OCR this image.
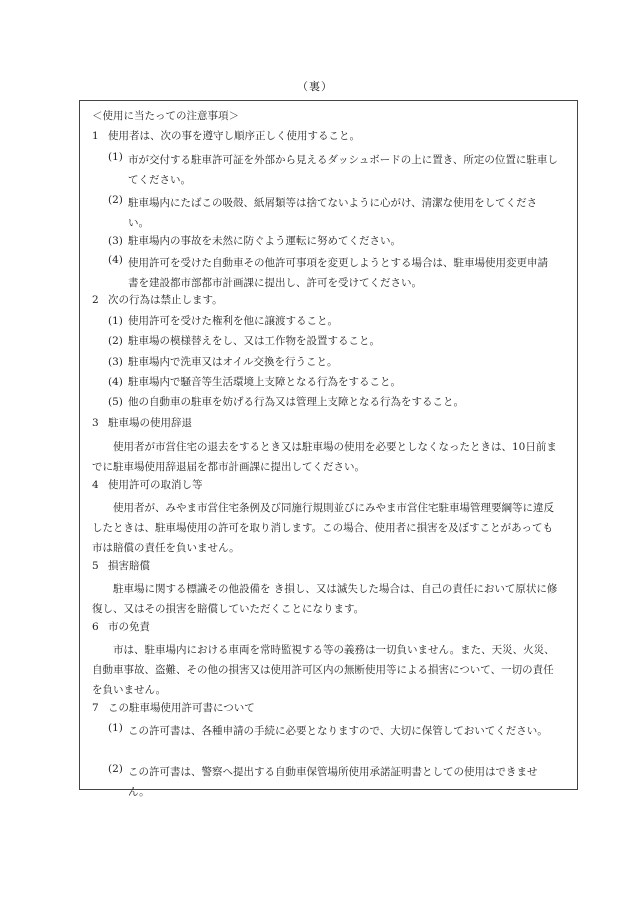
（裏）
＜使用に当たっての注意事項＞
1 使用者は、次の事を遵守し順序正しく使用すること。
(1) 市が交付する駐車許可証を外部から見えるダッシュボードの上に置き、所定の位置に駐車してください。
(2) 駐車場内にたばこの吸殻、紙屑類等は捨てないように心がけ、清潔な使用をしてください。
(3) 駐車場内の事故を未然に防ぐよう運転に努めてください。
(4) 使用許可を受けた自動車その他許可事項を変更しようとする場合は、駐車場使用変更申請書を建設都市部都市計画課に提出し、許可を受けてください。
2 次の行為は禁止します。
(1) 使用許可を受けた権利を他に譲渡すること。
(2) 駐車場の模様替えをし、又は工作物を設置すること。
(3) 駐車場内で洗車又はオイル交換を行うこと。
(4) 駐車場内で騒音等生活環境上支障となる行為をすること。
(5) 他の自動車の駐車を妨げる行為又は管理上支障となる行為をすること。
3 駐車場の使用辞退
使用者が市営住宅の退去をするとき又は駐車場の使用を必要としなくなったときは、10日前までに駐車場使用辞退届を都市計画課に提出してください。
4 使用許可の取消し等
使用者が、みやま市営住宅条例及び同施行規則並びにみやま市営住宅駐車場管理要綱等に違反したときは、駐車場使用の許可を取り消します。この場合、使用者に損害を及ぼすことがあっても市は賠償の責任を負いません。
5 損害賠償
駐車場に関する標識その他設備を き損し、又は滅失した場合は、自己の責任において原状に修復し、又はその損害を賠償していただくことになります。
6 市の免責
市は、駐車場内における車両を常時監視する等の義務は一切負いません。また、天災、火災、自動車事故、盗難、その他の損害又は使用許可区内の無断使用等による損害について、一切の責任を負いません。
7 この駐車場使用許可書について
(1) この許可書は、各種申請の手続に必要となりますので、大切に保管しておいてください。
(2) この許可書は、警察へ提出する自動車保管場所使用承諾証明書としての使用はできません。
